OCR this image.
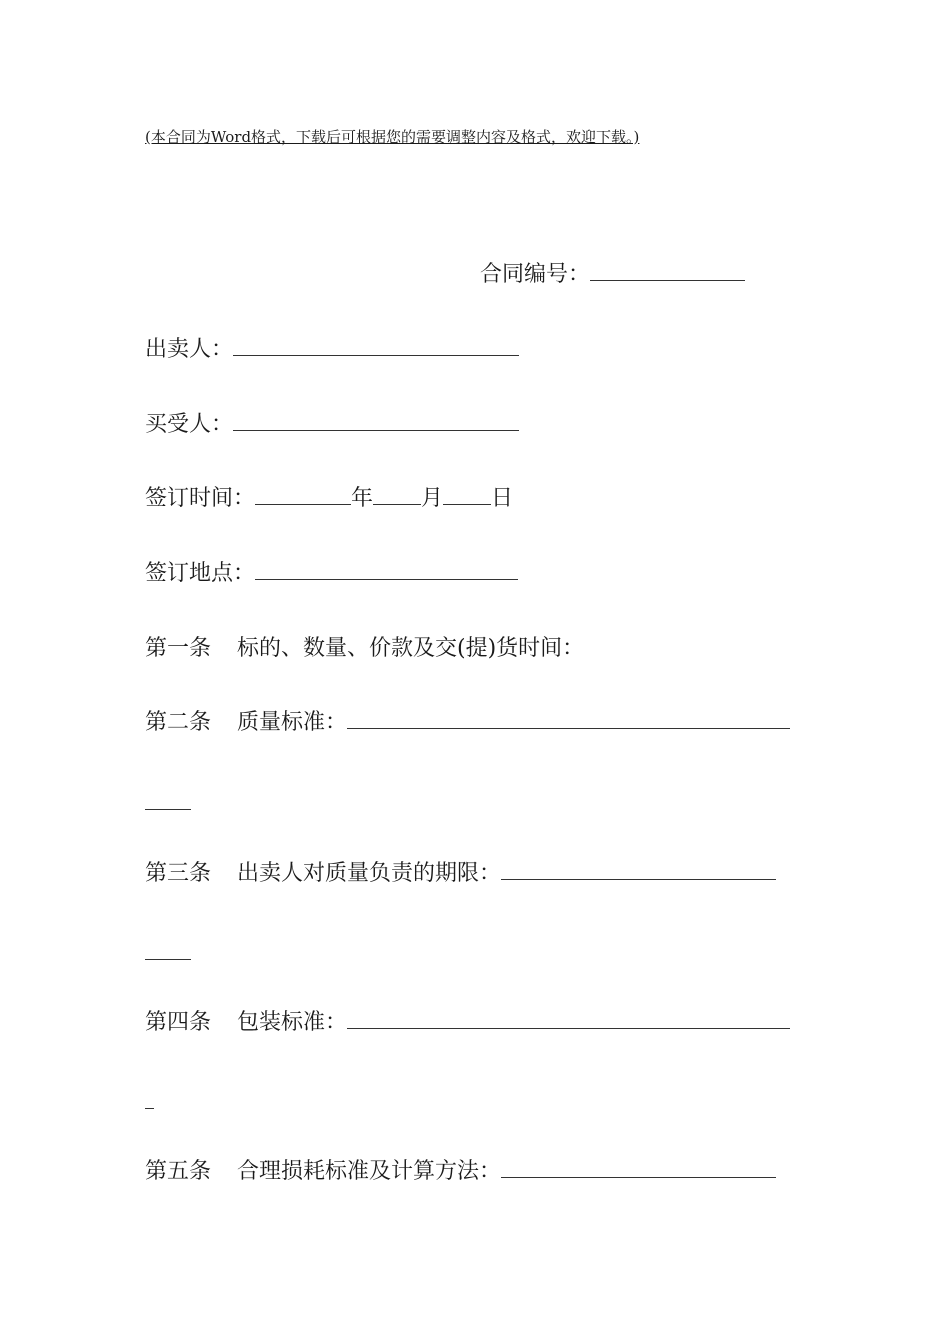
(本合同为Word格式，下载后可根据您的需要调整内容及格式，欢迎下载。)
合同编号：
出卖人：
买受人：
签订时间：	年 月 日
签订地点：
第一条 标的、数量、价款及交(提)货时间：
第二条 质量标准：
第三条 出卖人对质量负责的期限：
第四条 包装标准：
第五条 合理损耗标准及计算方法：
